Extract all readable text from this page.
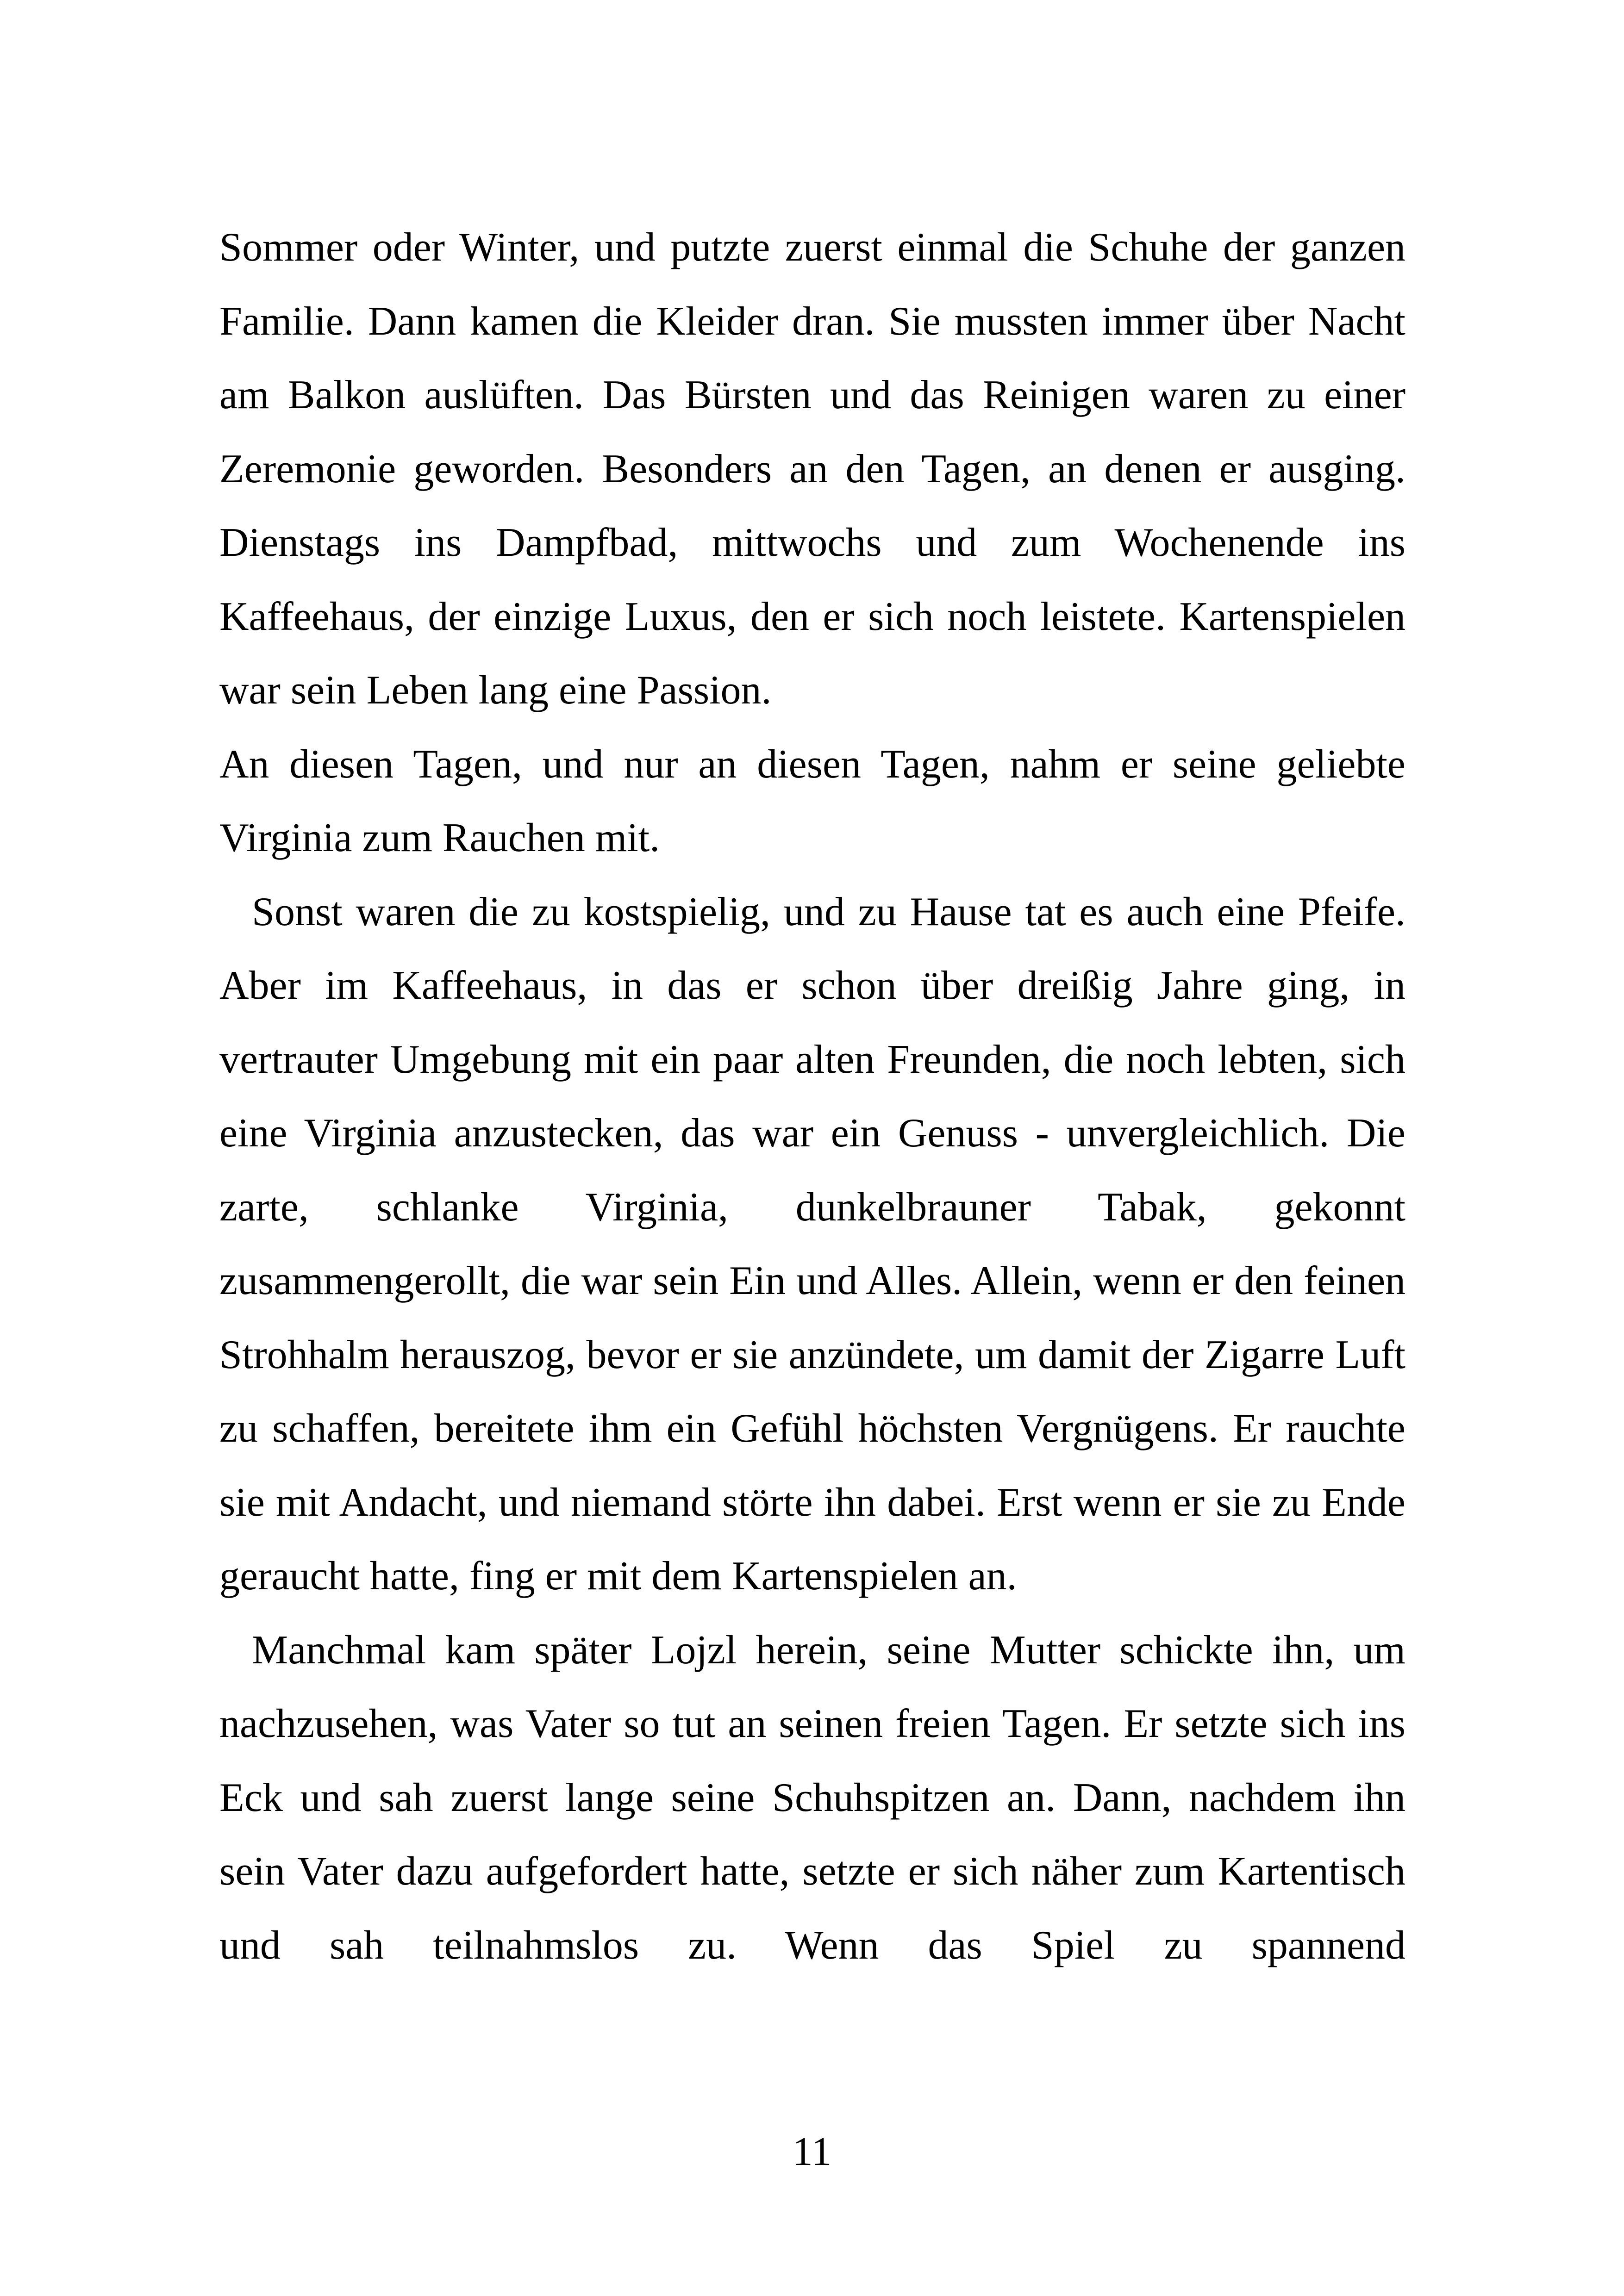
Sommer oder Winter, und putzte zuerst einmal die Schuhe der ganzen Familie. Dann kamen die Kleider dran. Sie mussten immer über Nacht am Balkon auslüften. Das Bürsten und das Reinigen waren zu einer Zeremonie geworden. Besonders an den Tagen, an denen er ausging. Dienstags ins Dampfbad, mittwochs und zum Wochenende ins Kaffeehaus, der einzige Luxus, den er sich noch leistete. Kartenspielen war sein Leben lang eine Passion.

An diesen Tagen, und nur an diesen Tagen, nahm er seine geliebte Virginia zum Rauchen mit.

Sonst waren die zu kostspielig, und zu Hause tat es auch eine Pfeife. Aber im Kaffeehaus, in das er schon über dreißig Jahre ging, in vertrauter Umgebung mit ein paar alten Freunden, die noch lebten, sich eine Virginia anzustecken, das war ein Genuss - unvergleichlich. Die zarte, schlanke Virginia, dunkelbrauner Tabak, gekonnt zusammengerollt, die war sein Ein und Alles. Allein, wenn er den feinen Strohhalm herauszog, bevor er sie anzündete, um damit der Zigarre Luft zu schaffen, bereitete ihm ein Gefühl höchsten Vergnügens. Er rauchte sie mit Andacht, und niemand störte ihn dabei. Erst wenn er sie zu Ende geraucht hatte, fing er mit dem Kartenspielen an.

Manchmal kam später Lojzl herein, seine Mutter schickte ihn, um nachzusehen, was Vater so tut an seinen freien Tagen. Er setzte sich ins Eck und sah zuerst lange seine Schuhspitzen an. Dann, nachdem ihn sein Vater dazu aufgefordert hatte, setzte er sich näher zum Kartentisch und sah teilnahmslos zu. Wenn das Spiel zu spannend

11
